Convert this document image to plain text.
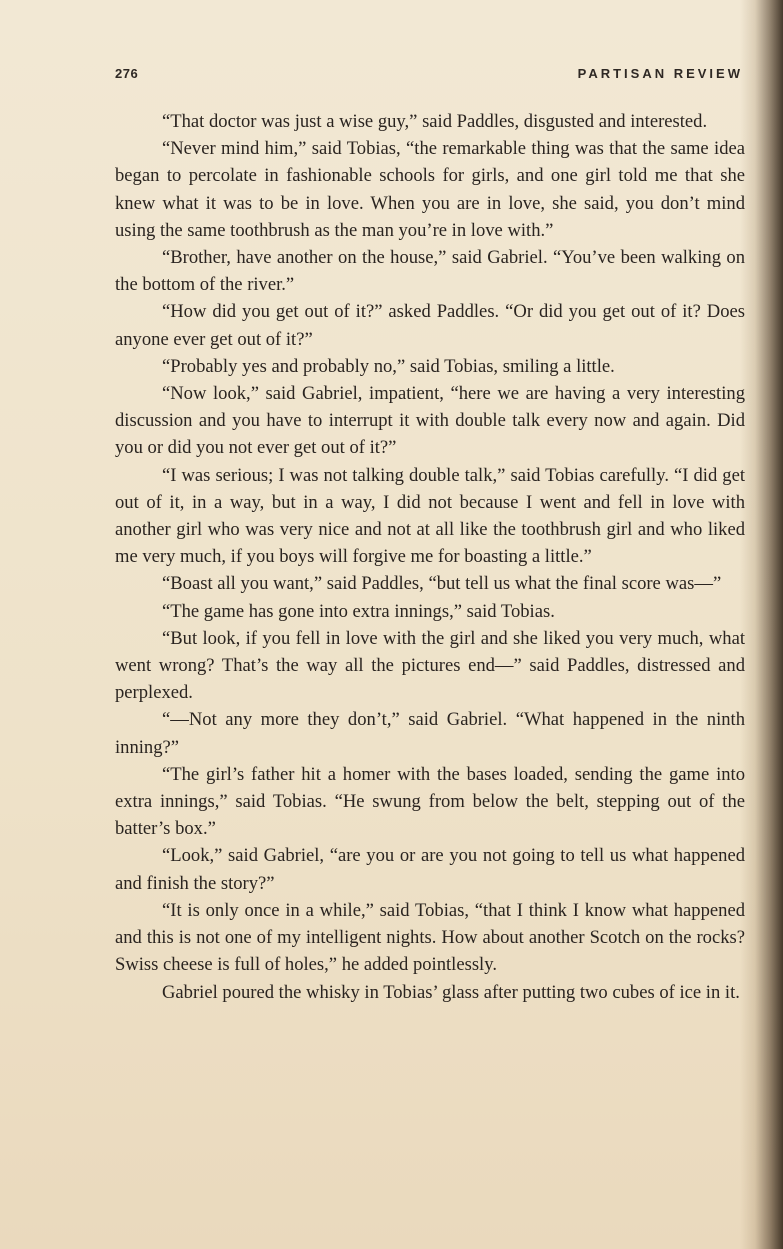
276	PARTISAN REVIEW

“That doctor was just a wise guy,” said Paddles, disgusted and interested.

“Never mind him,” said Tobias, “the remarkable thing was that the same idea began to percolate in fashionable schools for girls, and one girl told me that she knew what it was to be in love. When you are in love, she said, you don’t mind using the same toothbrush as the man you’re in love with.”

“Brother, have another on the house,” said Gabriel. “You’ve been walking on the bottom of the river.”

“How did you get out of it?” asked Paddles. “Or did you get out of it? Does anyone ever get out of it?”

“Probably yes and probably no,” said Tobias, smiling a little.

“Now look,” said Gabriel, impatient, “here we are having a very interesting discussion and you have to interrupt it with double talk every now and again. Did you or did you not ever get out of it?”

“I was serious; I was not talking double talk,” said Tobias carefully. “I did get out of it, in a way, but in a way, I did not because I went and fell in love with another girl who was very nice and not at all like the toothbrush girl and who liked me very much, if you boys will forgive me for boasting a little.”

“Boast all you want,” said Paddles, “but tell us what the final score was—”

“The game has gone into extra innings,” said Tobias.

“But look, if you fell in love with the girl and she liked you very much, what went wrong? That’s the way all the pictures end—” said Paddles, distressed and perplexed.

“—Not any more they don’t,” said Gabriel. “What happened in the ninth inning?”

“The girl’s father hit a homer with the bases loaded, sending the game into extra innings,” said Tobias. “He swung from below the belt, stepping out of the batter’s box.”

“Look,” said Gabriel, “are you or are you not going to tell us what happened and finish the story?”

“It is only once in a while,” said Tobias, “that I think I know what happened and this is not one of my intelligent nights. How about another Scotch on the rocks? Swiss cheese is full of holes,” he added pointlessly.

Gabriel poured the whisky in Tobias’ glass after putting two cubes of ice in it.
